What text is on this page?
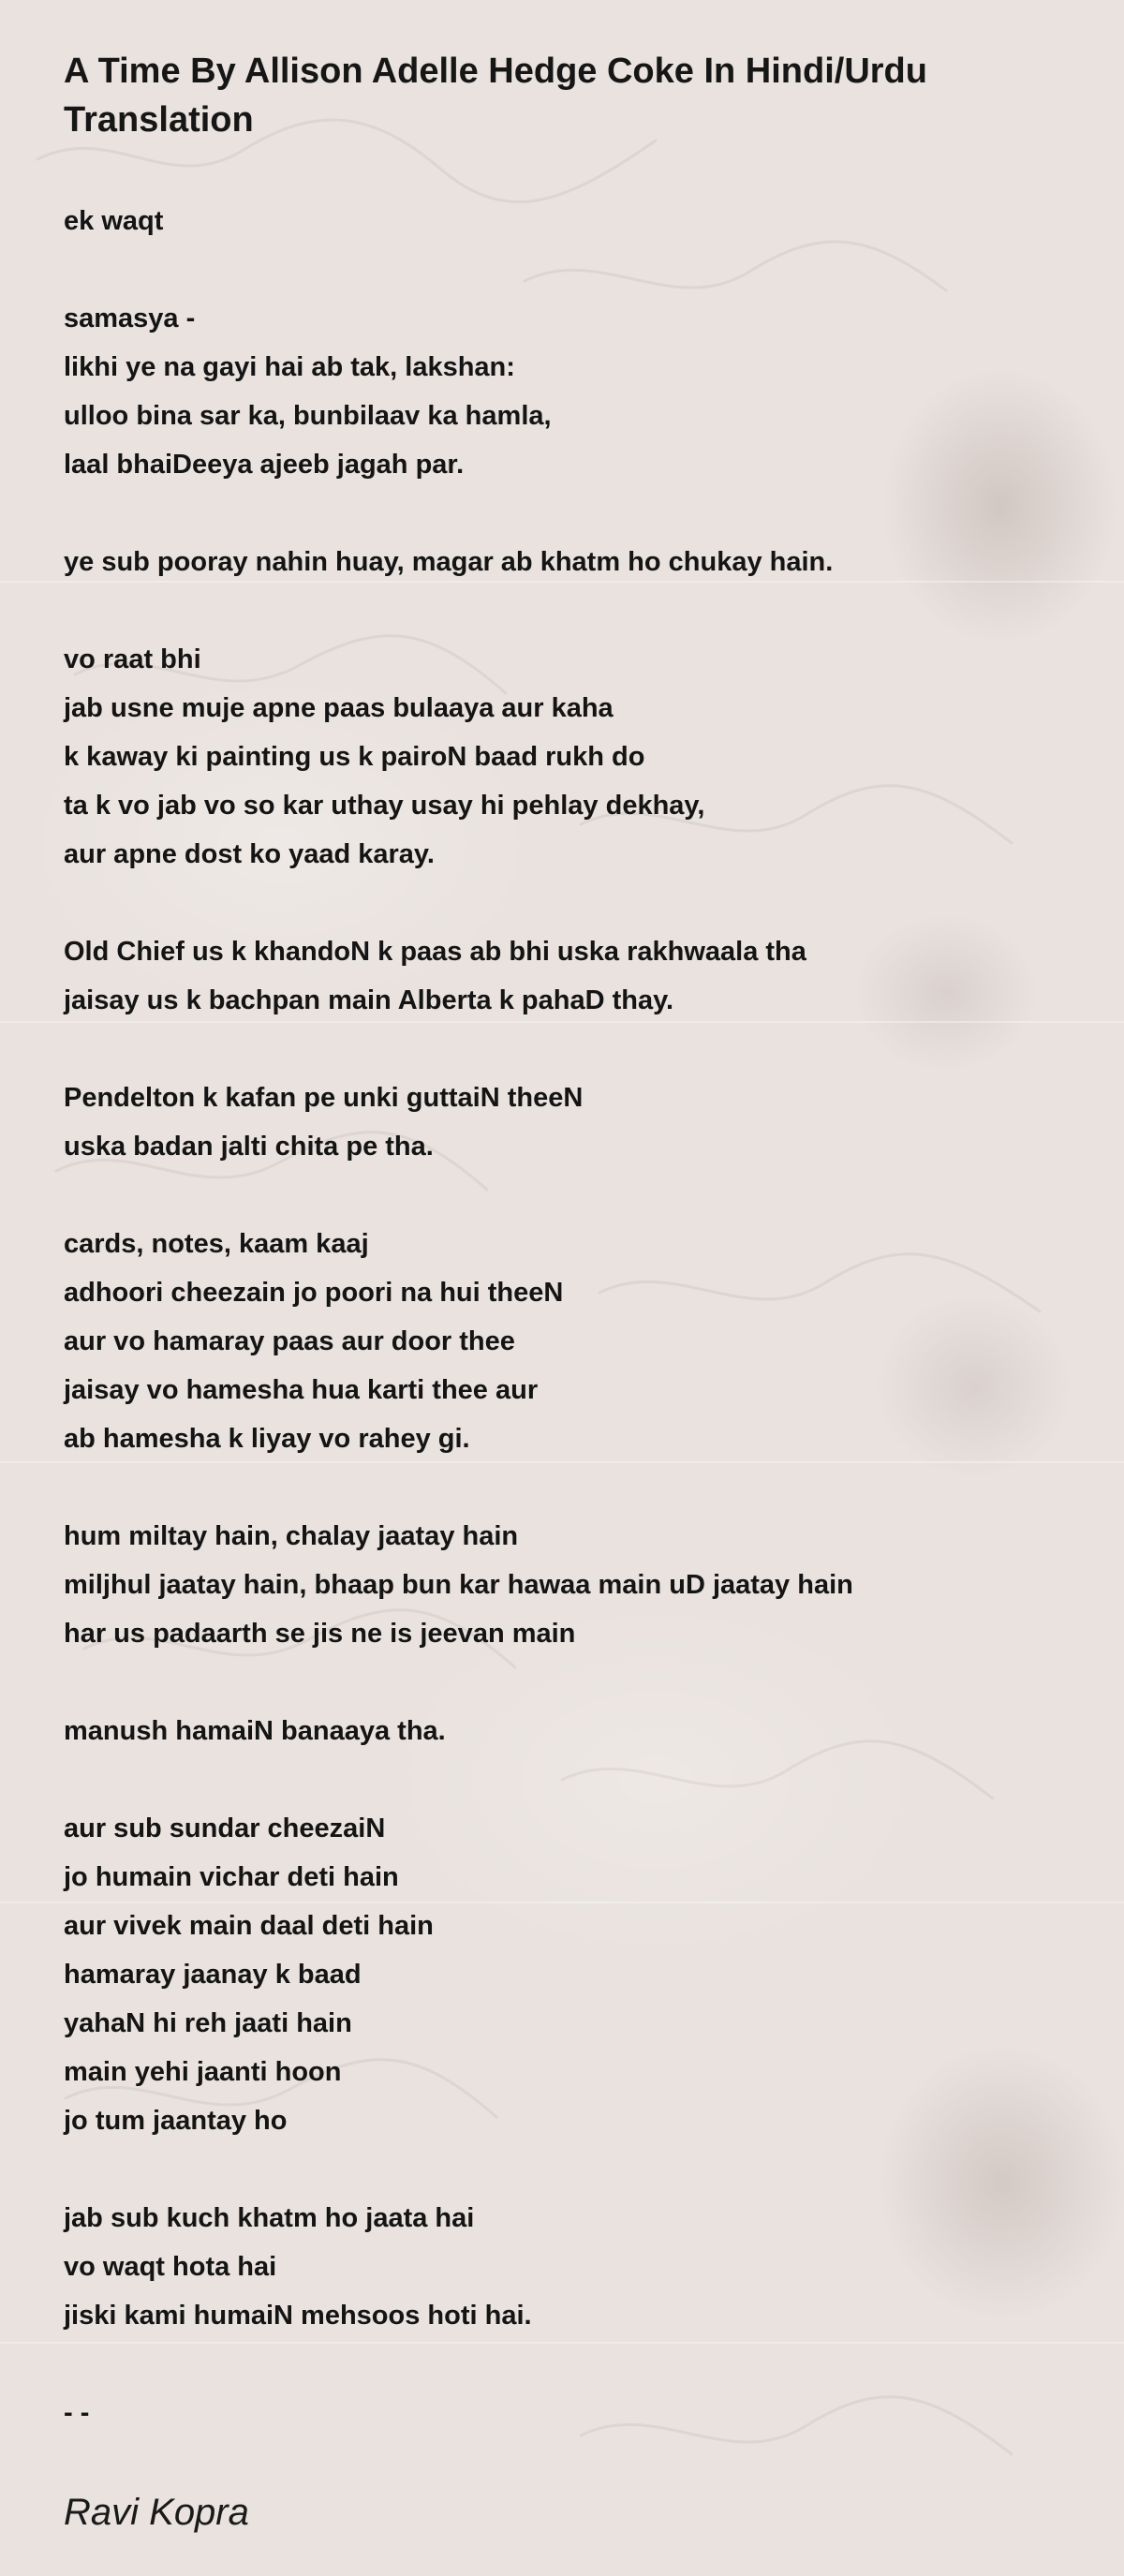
A Time By Allison Adelle Hedge Coke In Hindi/Urdu Translation
ek waqt
samasya -
likhi ye na gayi hai ab tak, lakshan:
ulloo bina sar ka, bunbilaav ka hamla,
laal bhaiDeeya ajeeb jagah par.
ye sub pooray nahin huay, magar ab khatm ho chukay hain.
vo raat bhi
jab usne muje apne paas bulaaya aur kaha
k kaway ki painting us k pairoN baad rukh do
ta k vo jab vo so kar uthay usay hi pehlay dekhay,
aur apne dost ko yaad karay.
Old Chief us k khandoN k paas ab bhi uska rakhwaala tha
jaisay us k bachpan main Alberta k pahaD thay.
Pendelton k kafan pe unki guttaiN theeN
uska badan jalti chita pe tha.
cards, notes, kaam kaaj
adhoori cheezain jo poori na hui theeN
aur vo hamaray paas aur door thee
jaisay vo hamesha hua karti thee aur
ab hamesha k liyay vo rahey gi.
hum miltay hain, chalay jaatay hain
miljhul jaatay hain, bhaap bun kar hawaa main uD jaatay hain
har us padaarth se jis ne is jeevan main
manush hamaiN banaaya tha.
aur sub sundar cheezaiN
jo humain vichar deti hain
aur vivek main daal deti hain
hamaray jaanay k baad
yahaN hi reh jaati hain
main yehi jaanti hoon
jo tum jaantay ho
jab sub kuch khatm ho jaata hai
vo waqt hota hai
jiski kami humaiN mehsoos hoti hai.
- -
Ravi Kopra
